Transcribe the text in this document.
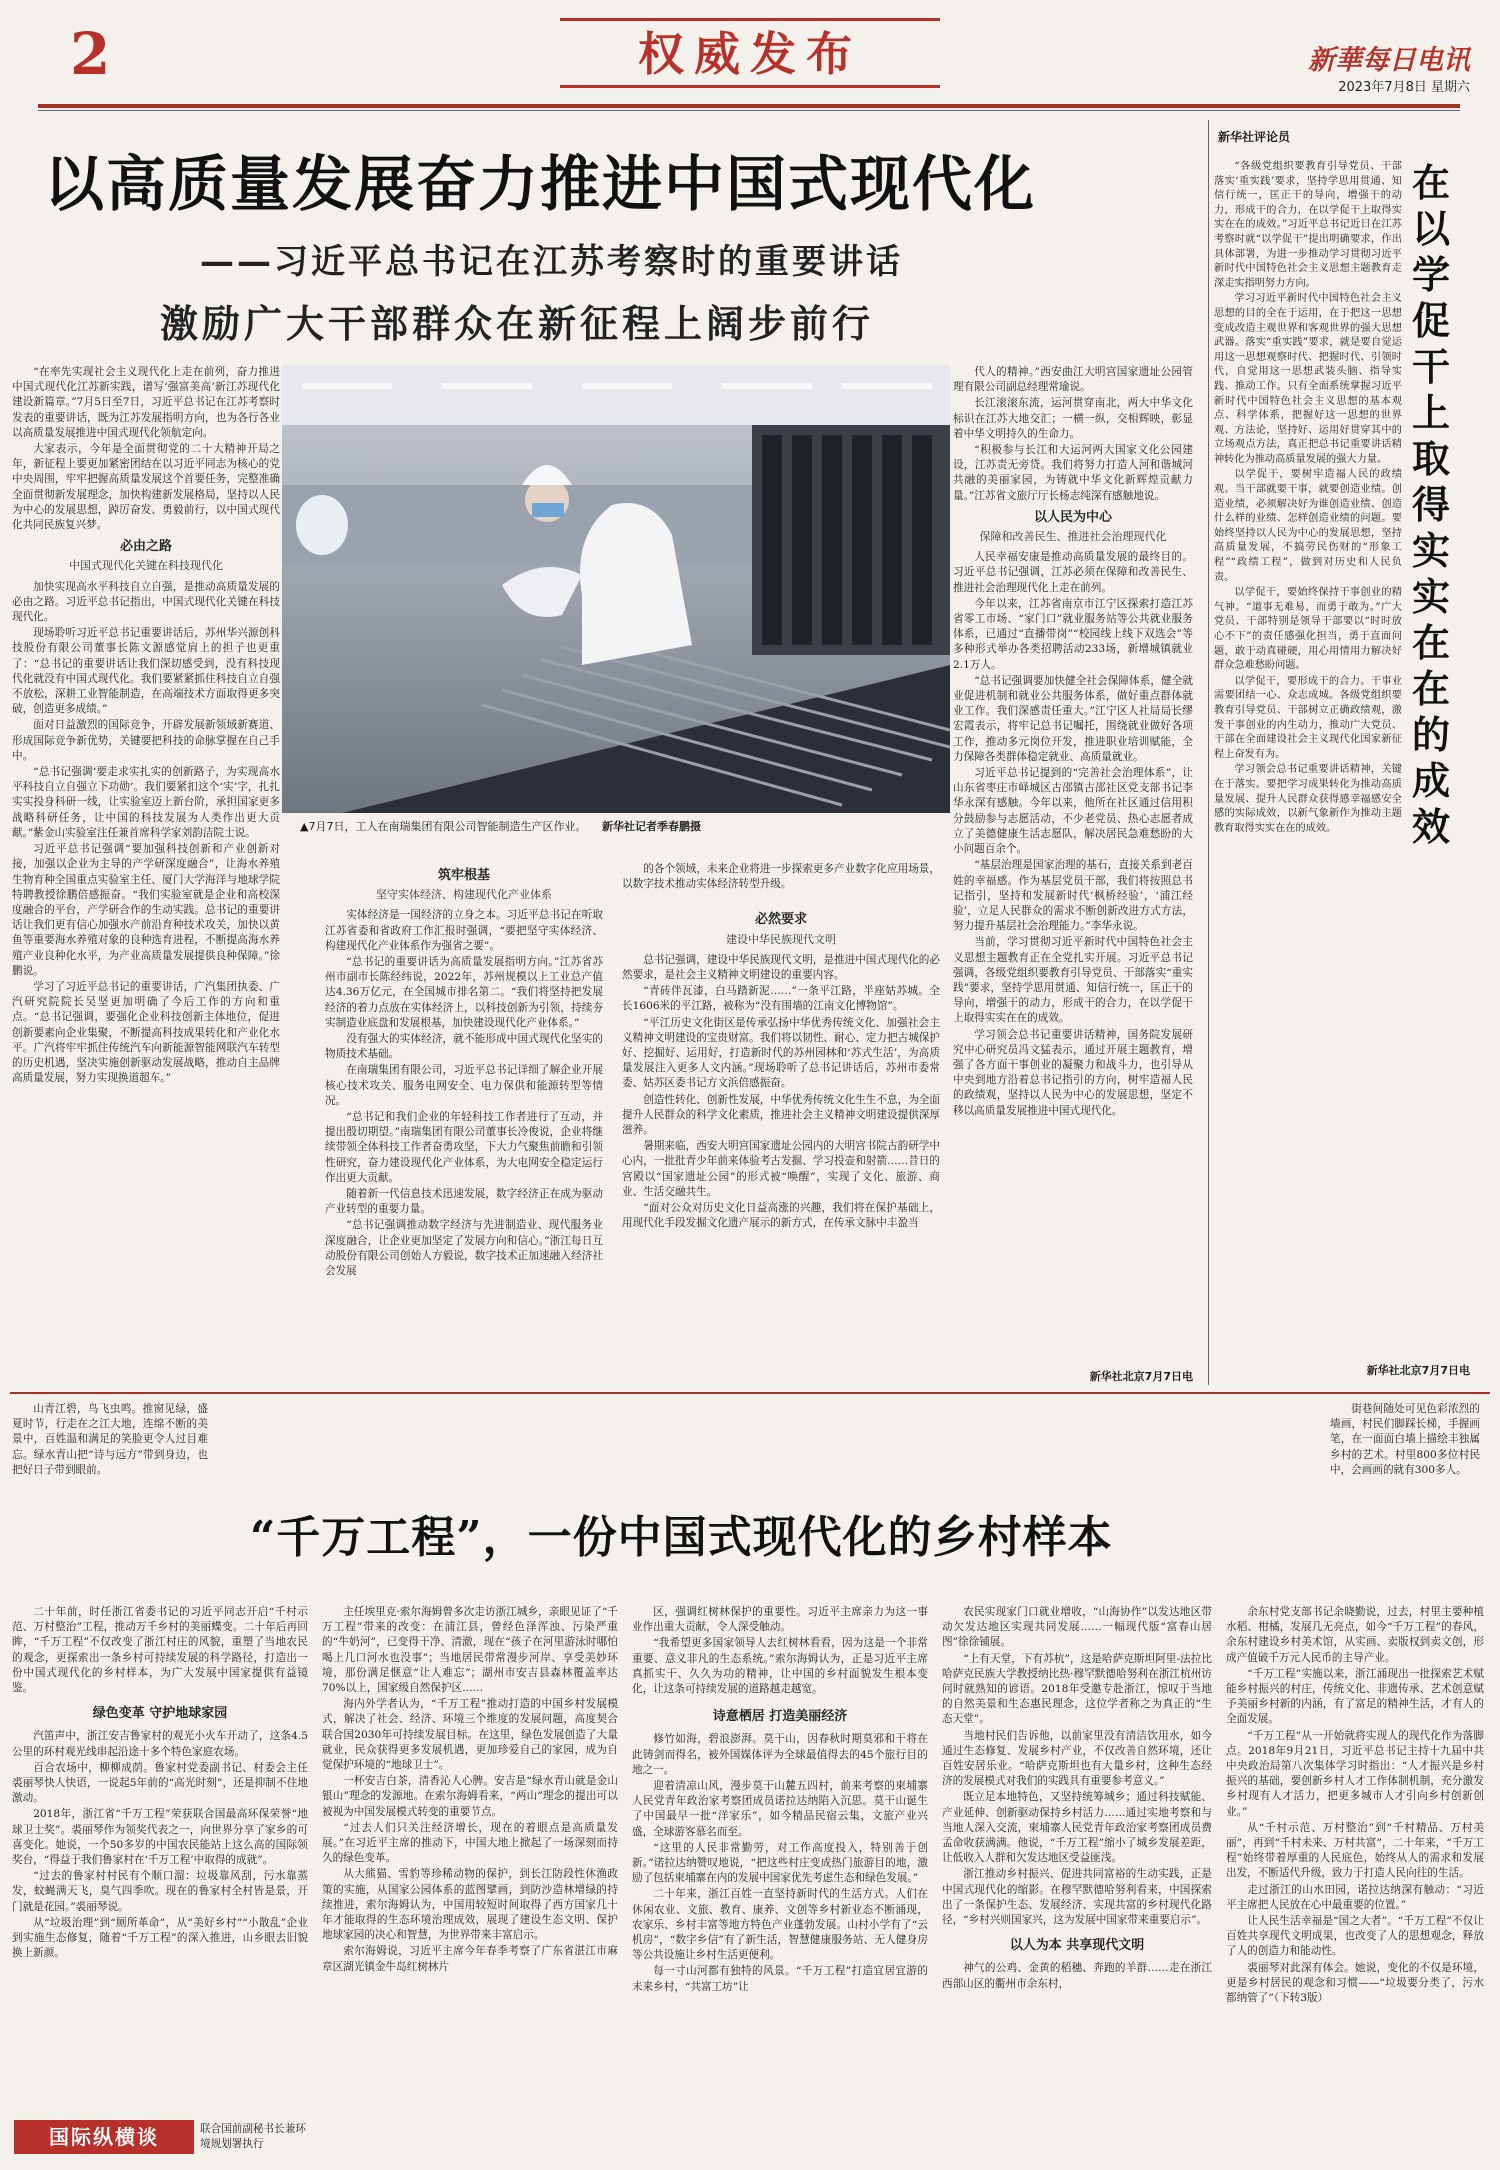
2	权威发布	新華每日电讯
2023年7月8日 星期六
以高质量发展奋力推进中国式现代化
——习近平总书记在江苏考察时的重要讲话
激励广大干部群众在新征程上阔步前行

“在率先实现社会主义现代化上走在前列，奋力推进中国式现代化江苏新实践，谱写‘强富美高’新江苏现代化建设新篇章。”7月5日至7日，习近平总书记在江苏考察时发表的重要讲话，既为江苏发展指明方向，也为各行各业以高质量发展推进中国式现代化领航定向。

大家表示，今年是全面贯彻党的二十大精神开局之年，新征程上要更加紧密团结在以习近平同志为核心的党中央周围，牢牢把握高质量发展这个首要任务，完整准确全面贯彻新发展理念，加快构建新发展格局，坚持以人民为中心的发展思想，踔厉奋发、勇毅前行，以中国式现代化共同民族复兴梦。

必由之路
中国式现代化关键在科技现代化

加快实现高水平科技自立自强，是推动高质量发展的必由之路。习近平总书记指出，中国式现代化关键在科技现代化。

现场聆听习近平总书记重要讲话后，苏州华兴源创科技股份有限公司董事长陈文源感觉肩上的担子也更重了：“总书记的重要讲话让我们深切感受到，没有科技现代化就没有中国式现代化。我们要紧紧抓住科技自立自强不放松，深耕工业智能制造，在高端技术方面取得更多突破，创造更多成绩。”

面对日益激烈的国际竞争，开辟发展新领域新赛道、形成国际竞争新优势，关键要把科技的命脉掌握在自己手中。

“总书记强调‘要走求实扎实的创新路子，为实现高水平科技自立自强立下功勋’。我们要紧扣这个‘实’字，扎扎实实投身科研一线，让实验室迈上新台阶，承担国家更多战略科研任务，让中国的科技发展为人类作出更大贡献。”紫金山实验室注任兼首席科学家刘韵洁院士说。

习近平总书记强调“要加强科技创新和产业创新对接，加强以企业为主导的产学研深度融合”，让海水养殖生物育种全国重点实验室主任、厦门大学海洋与地球学院特聘教授徐鹏倍感振奋。“我们实验室就是企业和高校深度融合的平台，产学研合作的生动实践。总书记的重要讲话让我们更有信心加强水产前沿育种技术攻关，加快以黄鱼等重要海水养殖对象的良种选育进程，不断提高海水养殖产业良种化水平，为产业高质量发展提供良种保障。”徐鹏说。

学习了习近平总书记的重要讲话，广汽集团执委、广汽研究院院长吴坚更加明确了今后工作的方向和重点。“总书记强调，要强化企业科技创新主体地位，促进创新要素向企业集聚，不断提高科技成果转化和产业化水平。广汽将牢牢抓住传统汽车向新能源智能网联汽车转型的历史机遇，坚决实施创新驱动发展战略，推动自主品牌高质量发展，努力实现换道超车。”

▲7月7日，工人在南瑞集团有限公司智能制造生产区作业。 新华社记者季春鹏摄
筑牢根基
坚守实体经济、构建现代化产业体系

实体经济是一国经济的立身之本。习近平总书记在听取江苏省委和省政府工作汇报时强调，“要把坚守实体经济、构建现代化产业体系作为强省之要”。

“总书记的重要讲话为高质量发展指明方向。”江苏省苏州市副市长陈经纬说，2022年，苏州规模以上工业总产值达4.36万亿元，在全国城市排名第二。“我们将坚持把发展经济的着力点放在实体经济上，以科技创新为引领，持续夯实制造业底盘和发展根基，加快建设现代化产业体系。”

没有强大的实体经济，就不能形成中国式现代化坚实的物质技术基础。

在南瑞集团有限公司，习近平总书记详细了解企业开展核心技术攻关、服务电网安全、电力保供和能源转型等情况。

“总书记和我们企业的年轻科技工作者进行了互动，并提出殷切期望。”南瑞集团有限公司董事长冷俊说，企业将继续带领全体科技工作者奋勇攻坚，下大力气聚焦前瞻和引领性研究，奋力建设现代化产业体系，为大电网安全稳定运行作出更大贡献。

随着新一代信息技术迅速发展，数字经济正在成为驱动产业转型的重要力量。

“总书记强调推动数字经济与先进制造业、现代服务业深度融合，让企业更加坚定了发展方向和信心。”浙江每日互动股份有限公司创始人方毅说，数字技术正加速融入经济社会发展

的各个领域，未来企业将进一步探索更多产业数字化应用场景，以数字技术推动实体经济转型升级。

必然要求
建设中华民族现代文明

总书记强调，建设中华民族现代文明，是推进中国式现代化的必然要求，是社会主义精神文明建设的重要内容。

“青砖伴瓦漆，白马踏新泥……”一条平江路，半座姑苏城。全长1606米的平江路，被称为“没有围墙的江南文化博物馆”。

“平江历史文化街区是传承弘扬中华优秀传统文化、加强社会主义精神文明建设的宝贵财富。我们将以韧性、耐心、定力把古城保护好、挖掘好、运用好，打造新时代的苏州园林和‘苏式生活’，为高质量发展注入更多人文内涵。”现场聆听了总书记讲话后，苏州市委常委、姑苏区委书记方文浜倍感振奋。

创造性转化、创新性发展，中华优秀传统文化生生不息，为全面提升人民群众的科学文化素质，推进社会主义精神文明建设提供深厚滋养。

暑期来临，西安大明宫国家遗址公园内的大明宫书院古韵研学中心内，一批批青少年前来体验考古发掘、学习投壶和射箭……昔日的宫殿以“国家遗址公园”的形式被“唤醒”，实现了文化、旅游、商业、生活交融共生。

“面对公众对历史文化日益高涨的兴趣，我们将在保护基础上，用现代化手段发掘文化遗产展示的新方式，在传承文脉中丰盈当

代人的精神。”西安曲江大明宫国家遗址公园管理有限公司副总经理常瑜说。

长江滚滚东流，运河贯穿南北，两大中华文化标识在江苏大地交汇；一横一纵，交相辉映，彰显着中华文明持久的生命力。

“积极参与长江和大运河两大国家文化公园建设，江苏责无旁贷。我们将努力打造人河和谐城河共融的美丽家园，为铸就中华文化新辉煌贡献力量。”江苏省文旅厅厅长杨志纯深有感触地说。

以人民为中心
保障和改善民生、推进社会治理现代化

人民幸福安康是推动高质量发展的最终目的。习近平总书记强调，江苏必须在保障和改善民生、推进社会治理现代化上走在前列。

今年以来，江苏省南京市江宁区探索打造江苏省零工市场、“家门口”就业服务站等公共就业服务体系，已通过“直播带岗”“校园线上线下双选会”等多种形式举办各类招聘活动233场，新增城镇就业2.1万人。

“总书记强调要加快健全社会保障体系，健全就业促进机制和就业公共服务体系，做好重点群体就业工作。我们深感责任重大。”江宁区人社局局长缪宏霞表示，将牢记总书记嘱托，围绕就业做好各项工作，推动多元岗位开发，推进职业培训赋能，全力保障各类群体稳定就业、高质量就业。

习近平总书记提到的“完善社会治理体系”，让山东省枣庄市峄城区古邵镇古邵社区党支部书记李华永深有感触。今年以来，他所在社区通过信用积分鼓励参与志愿活动，不少老党员、热心志愿者成立了美德健康生活志愿队，解决居民急难愁盼的大小问题百余个。

“基层治理是国家治理的基石，直接关系到老百姓的幸福感。作为基层党员干部，我们将按照总书记指引，坚持和发展新时代‘枫桥经验’，‘浦江经验’，立足人民群众的需求不断创新改进方式方法，努力提升基层社会治理能力。”李华永说。

当前，学习贯彻习近平新时代中国特色社会主义思想主题教育正在全党扎实开展。习近平总书记强调，各级党组织要教育引导党员、干部落实“重实践”要求，坚持学思用贯通、知信行统一，匡正干的导向，增强干的动力，形成干的合力，在以学促干上取得实实在在的成效。

学习领会总书记重要讲话精神，国务院发展研究中心研究员冯文猛表示，通过开展主题教育，增强了各方面干事创业的凝聚力和战斗力，也引导从中央到地方沿着总书记指引的方向，树牢造福人民的政绩观，坚持以人民为中心的发展思想，坚定不移以高质量发展推进中国式现代化。

新华社北京7月7日电
新华社评论员
在以学促干上取得实实在在的成效

“各级党组织要教育引导党员、干部落实‘重实践’要求，坚持学思用贯通、知信行统一，匡正干的导向，增强干的动力，形成干的合力，在以学促干上取得实实在在的成效。”习近平总书记近日在江苏考察时就“以学促干”提出明确要求，作出具体部署，为进一步推动学习贯彻习近平新时代中国特色社会主义思想主题教育走深走实指明努力方向。

学习习近平新时代中国特色社会主义思想的目的全在于运用，在于把这一思想变成改造主观世界和客观世界的强大思想武器。落实“重实践”要求，就是要自觉运用这一思想观察时代、把握时代、引领时代，自觉用这一思想武装头脑、指导实践、推动工作。只有全面系统掌握习近平新时代中国特色社会主义思想的基本观点、科学体系，把握好这一思想的世界观、方法论，坚持好、运用好贯穿其中的立场观点方法，真正把总书记重要讲话精神转化为推动高质量发展的强大力量。

以学促干，要树牢造福人民的政绩观。当干部就要干事，就要创造业绩。创造业绩，必须解决好为谁创造业绩、创造什么样的业绩、怎样创造业绩的问题。要始终坚持以人民为中心的发展思想，坚持高质量发展，不搞劳民伤财的“形象工程”“政绩工程”，做到对历史和人民负责。

以学促干，要始终保持干事创业的精气神。“道事无难易，而勇于敢为。”广大党员、干部特别是领导干部要以“时时放心不下”的责任感强化担当，勇于直面问题，敢于动真碰硬，用心用情用力解决好群众急难愁盼问题。

以学促干，要形成干的合力。干事业需要团结一心、众志成城。各级党组织要教育引导党员、干部树立正确政绩观，激发干事创业的内生动力，推动广大党员、干部在全面建设社会主义现代化国家新征程上奋发有为。

学习领会总书记重要讲话精神，关键在于落实。要把学习成果转化为推动高质量发展、提升人民群众获得感幸福感安全感的实际成效，以新气象新作为推动主题教育取得实实在在的成效。

新华社北京7月7日电

山青江碧，鸟飞虫鸣。推窗见绿，盛夏时节，行走在之江大地，连绵不断的美景中，百姓温和满足的笑脸更令人过目难忘。绿水青山把“诗与远方”带到身边，也把好日子带到眼前。

“千万工程”，一份中国式现代化的乡村样本

街巷间随处可见色彩浓烈的墙画，村民们脚踩长梯，手握画笔，在一面面白墙上描绘丰独属乡村的艺术。村里800多位村民中，会画画的就有300多人。

二十年前，时任浙江省委书记的习近平同志开启“千村示范、万村整治”工程，推动万千乡村的美丽蝶变。二十年后再回眸，“千万工程”不仅改变了浙江村庄的风貌，重塑了当地农民的观念，更探索出一条乡村可持续发展的科学路径，打造出一份中国式现代化的乡村样本，为广大发展中国家提供有益镜鉴。

绿色变革 守护地球家园

汽笛声中，浙江安吉鲁家村的观光小火车开动了，这条4.5公里的环村观光线串起沿途十多个特色家庭农场。

百合农场中，柳柳成荫。鲁家村党委副书记、村委会主任裘丽琴快人快语，一说起5年前的“高光时刻”，还是抑制不住地激动。

2018年，浙江省“千万工程”荣获联合国最高环保荣誉“地球卫士奖”。裘丽琴作为领奖代表之一，向世界分享了家乡的可喜变化。她说，一个50多岁的中国农民能站上这么高的国际领奖台，“得益于我们鲁家村在‘千万工程’中取得的成就”。

“过去的鲁家村村民有个顺口溜：垃圾靠风刮，污水靠蒸发，蚊蝇满天飞，臭气四季吹。现在的鲁家村全村皆是景，开门就是花园。”裘丽琴说。

从“垃圾治理”到“厕所革命”，从“美好乡村”“小散乱”企业到实施生态修复，随着“千万工程”的深入推进，山乡眼去旧貌换上新颜。

主任埃里克·索尔海姆曾多次走访浙江城乡，亲眼见证了“千万工程”带来的改变：在浦江县，曾经色泽浑浊、污染严重的“牛奶河”，已变得干净、清澈，现在“孩子在河里游泳时哪怕喝上几口河水也没事”；当地居民带常漫步河岸、享受美妙环境，那份满足惬意“让人难忘”；湖州市安吉县森林覆盖率达70%以上，国家级自然保护区……

海内外学者认为，“千万工程”推动打造的中国乡村发展模式，解决了社会、经济、环境三个维度的发展问题，高度契合联合国2030年可持续发展目标。在这里，绿色发展创造了大量就业，民众获得更多发展机遇，更加珍爱自己的家园，成为自觉保护环境的“地球卫士”。

一杯安吉白茶，清香沁人心脾。安吉是“绿水青山就是金山银山”理念的发源地。在索尔海姆看来，“两山”理念的提出可以被视为中国发展模式转变的重要节点。

“过去人们只关注经济增长，现在的着眼点是高质量发展。”在习近平主席的推动下，中国大地上掀起了一场深刻而持久的绿色变革。

从大熊猫、雪豹等珍稀动物的保护，到长江防段性休渔政策的实施，从国家公园体系的蓝图擘画，到防沙造林增绿的持续推进，索尔海姆认为，中国用较短时间取得了西方国家几十年才能取得的生态环境治理成效，展现了建设生态文明、保护地球家园的决心和智慧，为世界带来丰富启示。

索尔海姆说，习近平主席今年春季考察了广东省湛江市麻章区湖光镇金牛岛红树林片

区，强调红树林保护的重要性。习近平主席亲力为这一事业作出重大贡献，令人深受触动。

“我希望更多国家领导人去红树林看看，因为这是一个非常重要、意义非凡的生态系统。”索尔海姆认为，正是习近平主席真抓实干、久久为功的精神，让中国的乡村面貌发生根本变化，让这条可持续发展的道路越走越宽。

诗意栖居 打造美丽经济

修竹如海，碧浪澎湃。莫干山，因春秋时期莫邪和干将在此铸剑而得名，被外国媒体评为全球最值得去的45个旅行目的地之一。

迎着清凉山风，漫步莫干山麓五四村，前来考察的柬埔寨人民党青年政治家考察团成员诺拉达纳陷入沉思。莫干山诞生了中国最早一批“洋家乐”，如今精品民宿云集，文旅产业兴盛，全球游客慕名而至。

“这里的人民非常勤劳，对工作高度投入，特别善于创新。”诺拉达纳赞叹地说，“把这些村庄变成热门旅游目的地，激励了包括柬埔寨在内的发展中国家优先考虑生态和绿色发展。”

二十年来，浙江百姓一直坚持新时代的生活方式。人们在休闲农业、文旅、教育、康养、文创等乡村新业态不断涌现，农家乐、乡村丰富等地方特色产业蓬勃发展。山村小学有了“云机房”，“数字乡信”有了新生活，智慧健康服务站、无人健身房等公共设施让乡村生活更便利。

每一寸山河都有独特的风景。“千万工程”打造宜居宜游的未来乡村，“共富工坊”让

农民实现家门口就业增收，“山海协作”以发达地区带动欠发达地区实现共同发展……一幅现代版“富春山居图”徐徐铺展。

“上有天堂，下有苏杭”，这是哈萨克斯坦阿里-法拉比哈萨克民族大学教授纳比热·穆罕默德哈努利在浙江杭州访问时就熟知的谚语。2018年受邀专赴浙江，惊叹于当地的自然美景和生态惠民理念，这位学者称之为真正的“生态天堂”。

当地村民们告诉他，以前家里没有清洁饮用水，如今通过生态修复、发展乡村产业，不仅改善自然环境，还让百姓安居乐业。“哈萨克斯坦也有大量乡村，这种生态经济的发展模式对我们的实践具有重要参考意义。”

既立足本地特色，又坚持统筹城乡；通过科技赋能、产业延伸、创新驱动保持乡村活力……通过实地考察和与当地人深入交流，柬埔寨人民党青年政治家考察团成员费孟命收获满满。他说，“千万工程”缩小了城乡发展差距，让低收入人群和欠发达地区受益匪浅。

浙江推动乡村振兴、促进共同富裕的生动实践，正是中国式现代化的缩影。在穆罕默德哈努利看来，中国探索出了一条保护生态、发展经济、实现共富的乡村现代化路径，“乡村兴则国家兴，这为发展中国家带来重要启示”。

以人为本 共享现代文明

神气的公鸡、金黄的稻穗、奔跑的羊群……走在浙江西部山区的衢州市余东村，

余东村党支部书记余晓勤说，过去，村里主要种植水稻、柑橘，发展几无亮点，如今“千万工程”的春风，余东村建设乡村美术馆，从实画、卖版权到卖文创，形成产值破千万元人民币的主导产业。

“千万工程”实施以来，浙江涌现出一批探索艺术赋能乡村振兴的村庄，传统文化、非遗传承、艺术创意赋予美丽乡村新的内涵，有了富足的精神生活，才有人的全面发展。

“千万工程”从一开始就将实现人的现代化作为落脚点。2018年9月21日，习近平总书记主持十九届中共中央政治局第八次集体学习时指出：“人才振兴是乡村振兴的基础，要创新乡村人才工作体制机制，充分激发乡村现有人才活力，把更多城市人才引向乡村创新创业。”

从“千村示范、万村整治”到“千村精品、万村美丽”，再到“千村未来、万村共富”，二十年来，“千万工程”始终带着厚重的人民底色，始终从人的需求和发展出发，不断适代升级，致力于打造人民向往的生活。

走过浙江的山水田园，诺拉达纳深有触动：“习近平主席把人民放在心中最重要的位置。”

让人民生活幸福是“国之大者”。“千万工程”不仅让百姓共享现代文明成果，也改变了人的思想观念，释放了人的创造力和能动性。

裘丽琴对此深有体会。她说，变化的不仅是环境，更是乡村居民的观念和习惯——“垃圾要分类了，污水都纳管了”（下转3版）

国际纵横谈	联合国前副秘书长兼环境规划署执行
